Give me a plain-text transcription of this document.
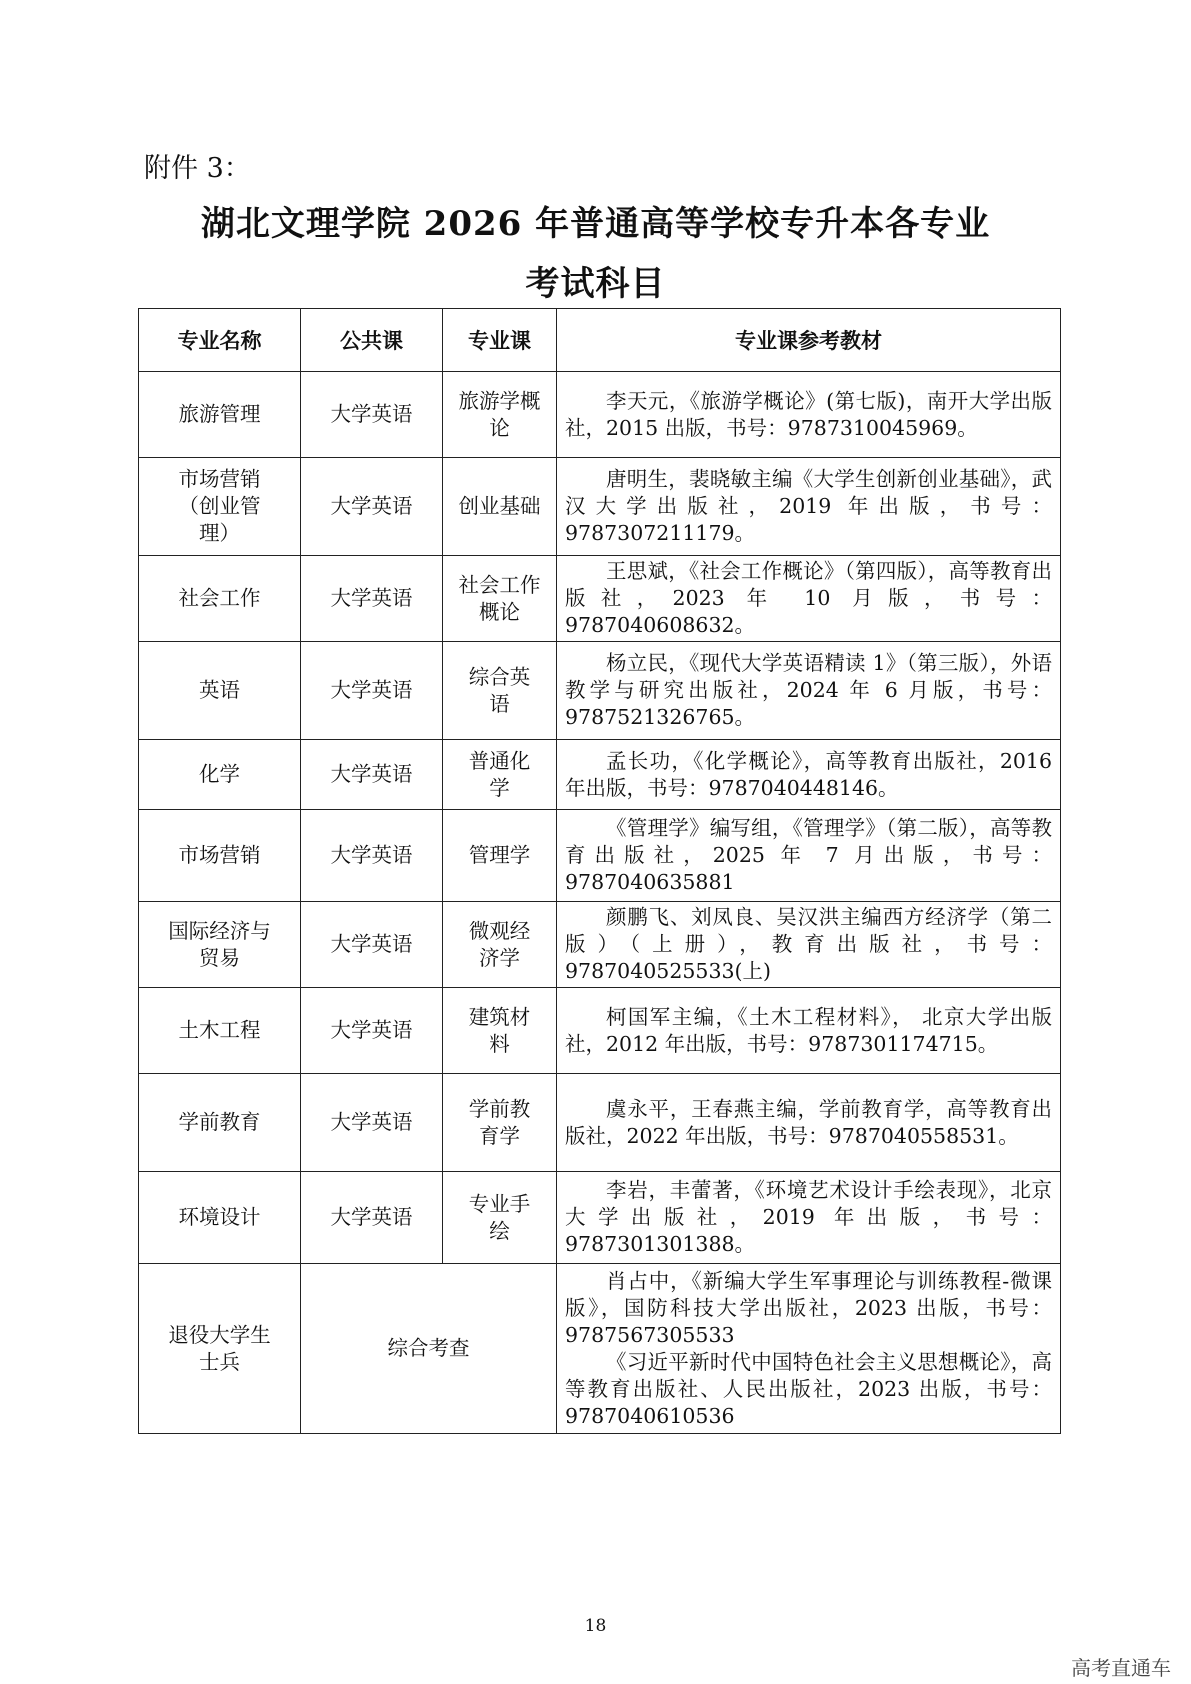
附件 3：
湖北文理学院 2026 年普通高等学校专升本各专业
考试科目
专业名称	公共课	专业课	专业课参考教材
旅游管理	大学英语	旅游学概论	李天元，《旅游学概论》(第七版)，南开大学出版社，2015 出版，书号：9787310045969。

市场营销（创业管理）	大学英语	创业基础	唐明生，裴晓敏主编《大学生创新创业基础》，武汉大学出版社，2019 年出版，书号：9787307211179。

社会工作	大学英语	社会工作概论	王思斌，《社会工作概论》（第四版），高等教育出版社，2023 年 10 月版，书号：9787040608632。

英语	大学英语	综合英语	杨立民，《现代大学英语精读 1》（第三版），外语教学与研究出版社，2024 年 6 月版，书号：9787521326765。

化学	大学英语	普通化学	孟长功，《化学概论》，高等教育出版社，2016 年出版，书号：9787040448146。

市场营销	大学英语	管理学	《管理学》编写组，《管理学》（第二版），高等教育出版社，2025 年 7 月出版，书号：9787040635881

国际经济与贸易	大学英语	微观经济学	颜鹏飞、刘凤良、吴汉洪主编西方经济学（第二版）（上册），教育出版社，书号：9787040525533(上)

土木工程	大学英语	建筑材料	柯国军主编，《土木工程材料》， 北京大学出版社，2012 年出版，书号：9787301174715。

学前教育	大学英语	学前教育学	虞永平，王春燕主编，学前教育学，高等教育出版社，2022 年出版，书号：9787040558531。

环境设计	大学英语	专业手绘	李岩，丰蕾著，《环境艺术设计手绘表现》，北京大学出版社，2019 年出版，书号：9787301301388。

退役大学生士兵	综合考查		肖占中，《新编大学生军事理论与训练教程-微课版》，国防科技大学出版社，2023 出版，书号：9787567305533

《习近平新时代中国特色社会主义思想概论》，高等教育出版社、人民出版社，2023 出版，书号：9787040610536

18
高考直通车
